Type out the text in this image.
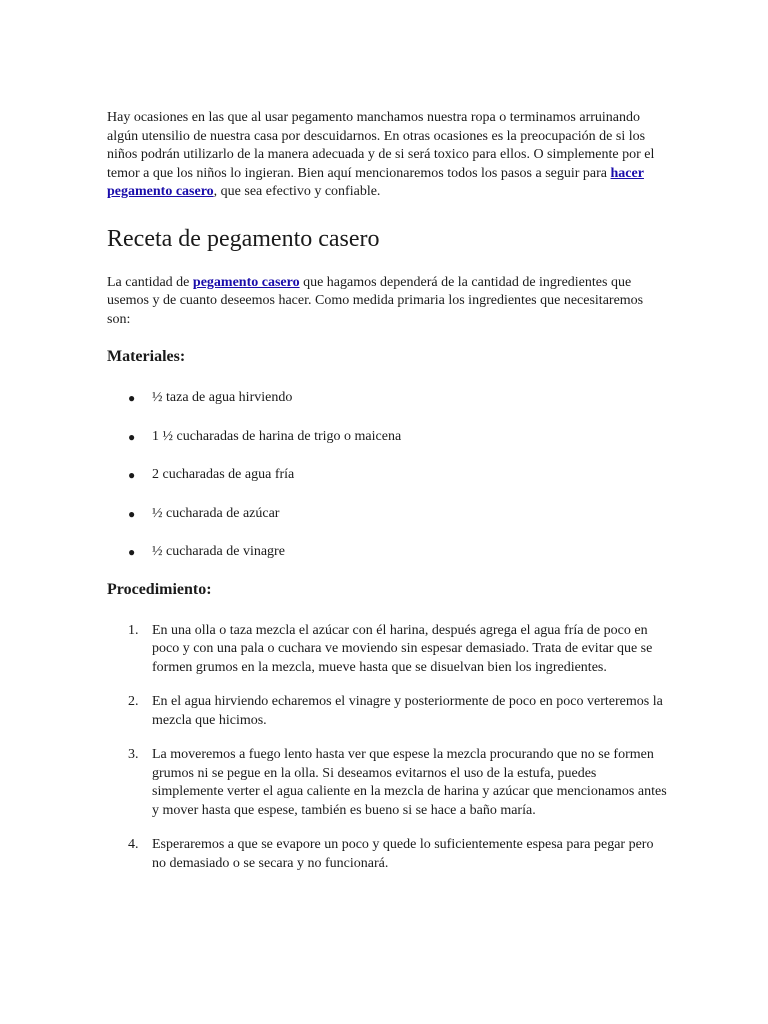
Hay ocasiones en las que al usar pegamento manchamos nuestra ropa o terminamos arruinando algún utensilio de nuestra casa por descuidarnos. En otras ocasiones es la preocupación de si los niños podrán utilizarlo de la manera adecuada y de si será toxico para ellos. O simplemente por el temor a que los niños lo ingieran. Bien aquí mencionaremos todos los pasos a seguir para hacer pegamento casero, que sea efectivo y confiable.

Receta de pegamento casero

La cantidad de pegamento casero que hagamos dependerá de la cantidad de ingredientes que usemos y de cuanto deseemos hacer. Como medida primaria los ingredientes que necesitaremos son:

Materiales:
● ½ taza de agua hirviendo
● 1 ½ cucharadas de harina de trigo o maicena
● 2 cucharadas de agua fría
● ½ cucharada de azúcar
● ½ cucharada de vinagre
Procedimiento:
1. En una olla o taza mezcla el azúcar con él harina, después agrega el agua fría de poco en poco y con una pala o cuchara ve moviendo sin espesar demasiado. Trata de evitar que se formen grumos en la mezcla, mueve hasta que se disuelvan bien los ingredientes.
2. En el agua hirviendo echaremos el vinagre y posteriormente de poco en poco verteremos la mezcla que hicimos.
3. La moveremos a fuego lento hasta ver que espese la mezcla procurando que no se formen grumos ni se pegue en la olla. Si deseamos evitarnos el uso de la estufa, puedes simplemente verter el agua caliente en la mezcla de harina y azúcar que mencionamos antes y mover hasta que espese, también es bueno si se hace a baño maría.
4. Esperaremos a que se evapore un poco y quede lo suficientemente espesa para pegar pero no demasiado o se secara y no funcionará.
